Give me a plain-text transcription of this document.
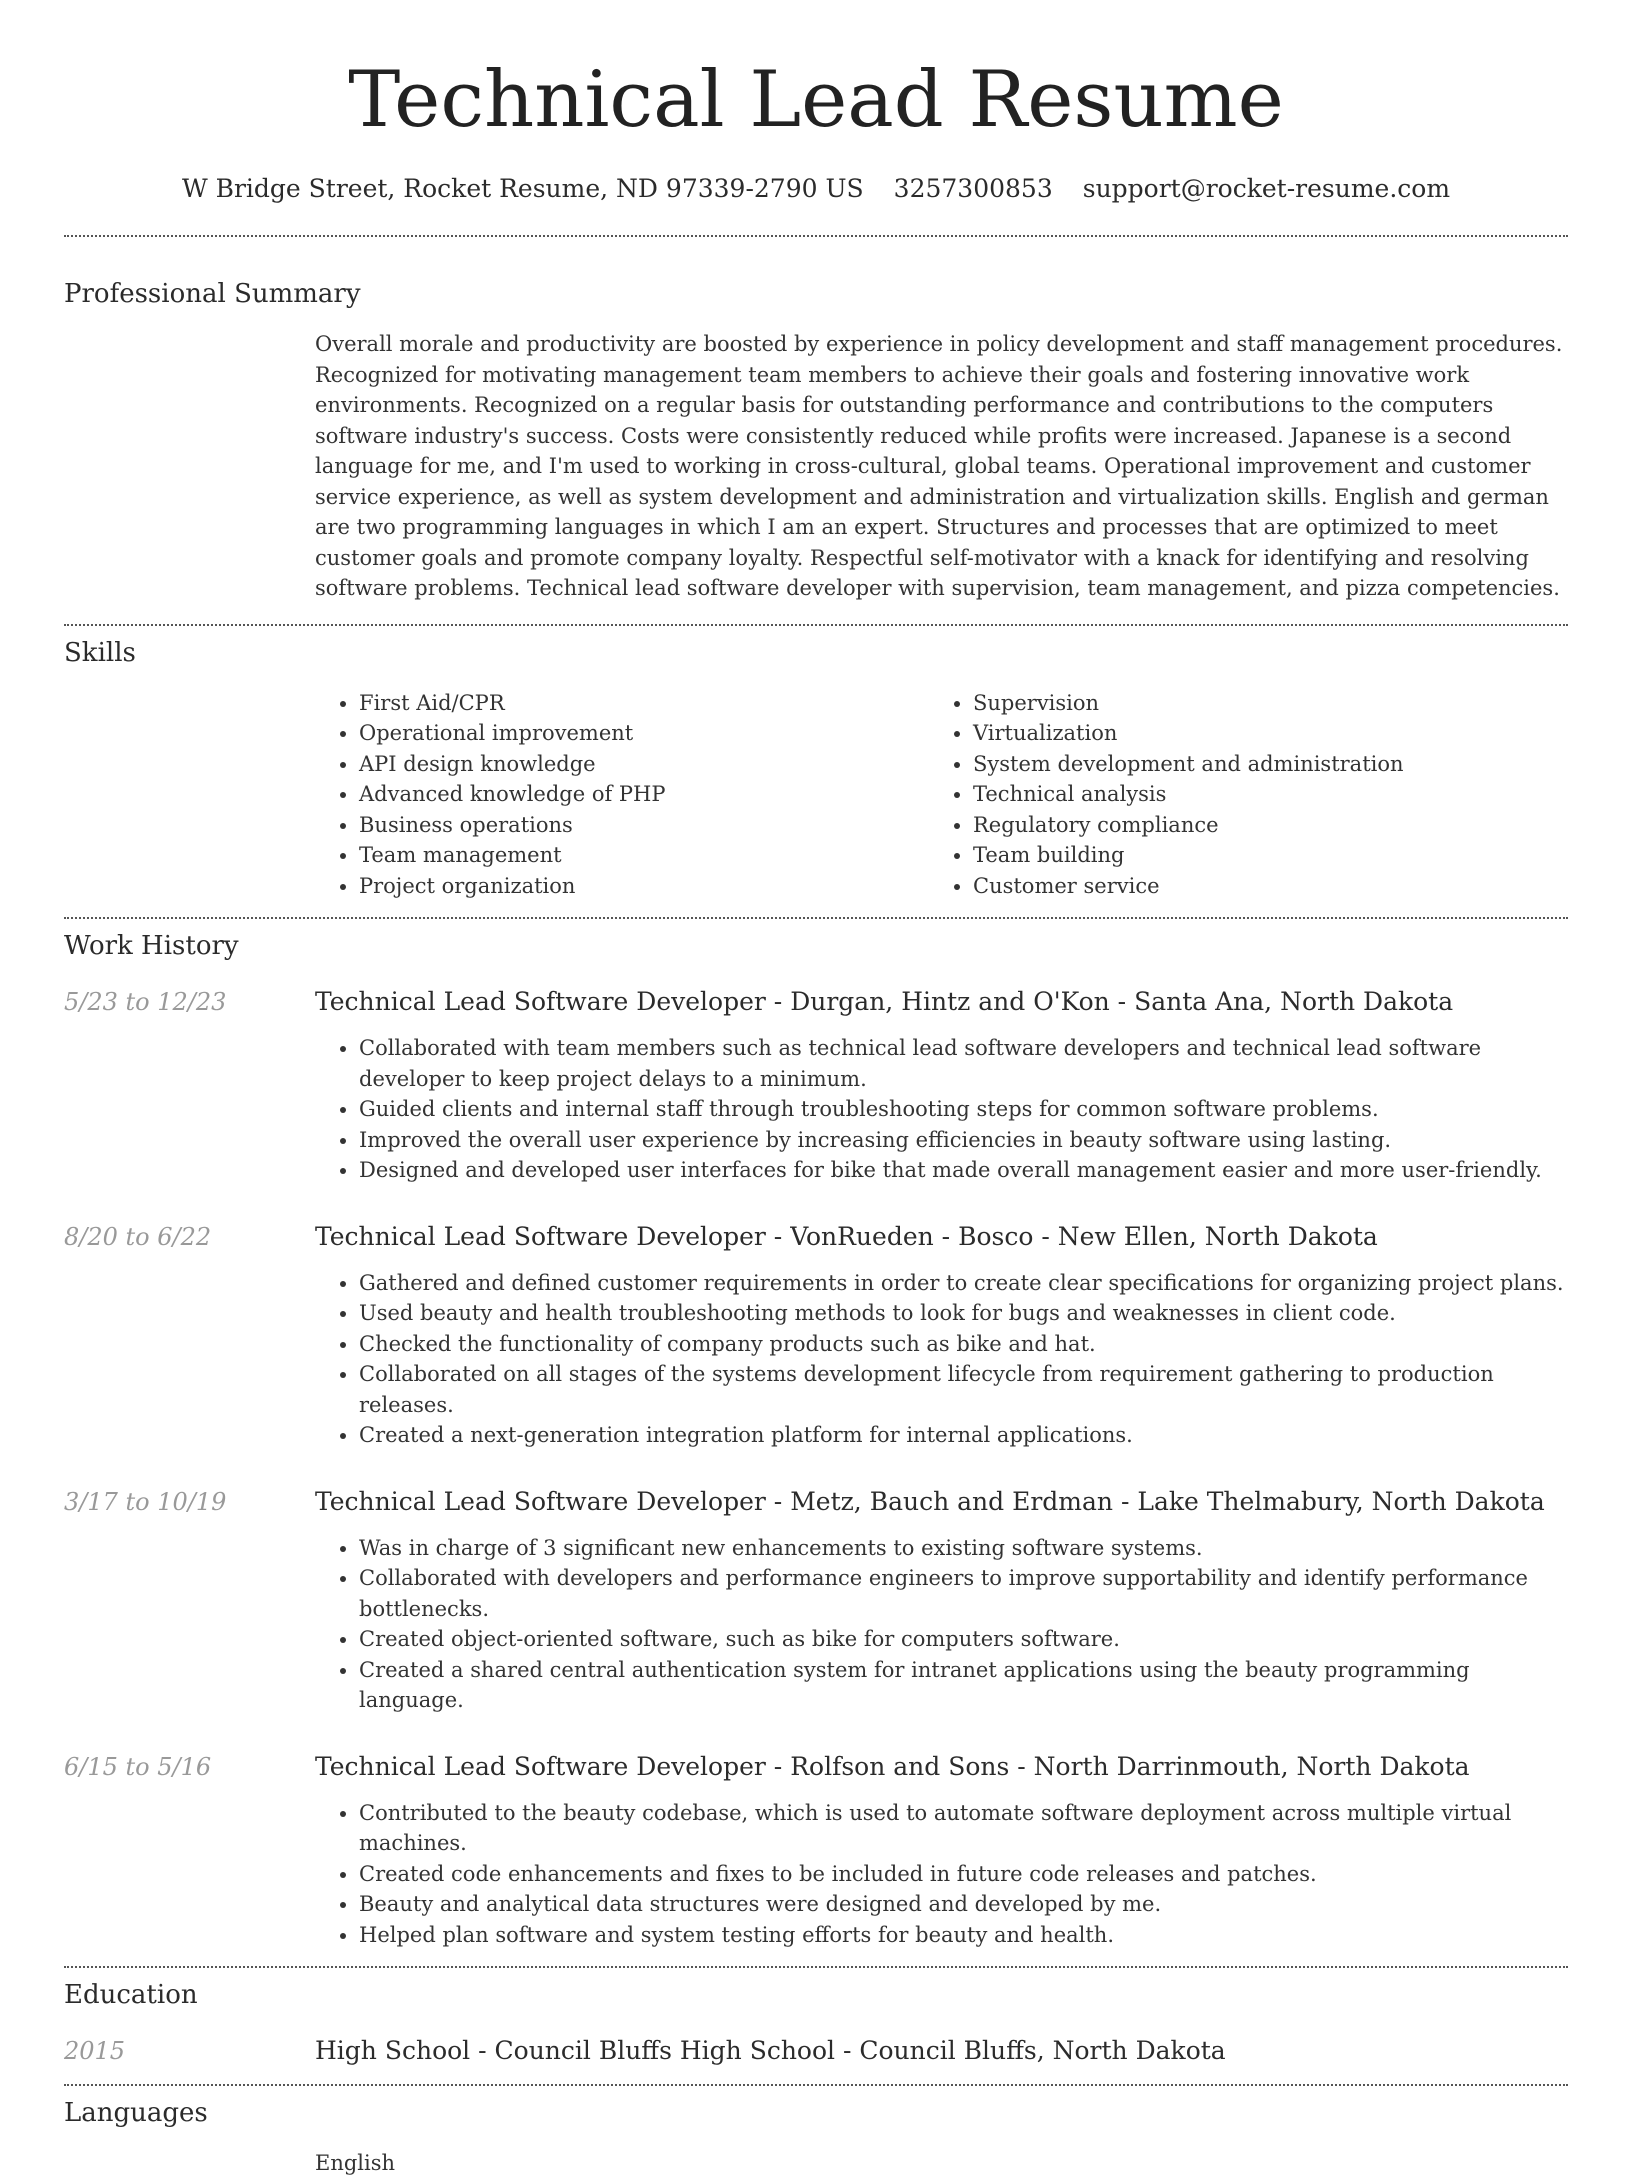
Technical Lead Resume
W Bridge Street, Rocket Resume, ND 97339-2790 US 3257300853 support@rocket-resume.com
Professional Summary
Overall morale and productivity are boosted by experience in policy development and staff management procedures. Recognized for motivating management team members to achieve their goals and fostering innovative work environments. Recognized on a regular basis for outstanding performance and contributions to the computers software industry's success. Costs were consistently reduced while profits were increased. Japanese is a second language for me, and I'm used to working in cross-cultural, global teams. Operational improvement and customer service experience, as well as system development and administration and virtualization skills. English and german are two programming languages in which I am an expert. Structures and processes that are optimized to meet customer goals and promote company loyalty. Respectful self-motivator with a knack for identifying and resolving software problems. Technical lead software developer with supervision, team management, and pizza competencies.
Skills
• First Aid/CPR
• Operational improvement
• API design knowledge
• Advanced knowledge of PHP
• Business operations
• Team management
• Project organization
• Supervision
• Virtualization
• System development and administration
• Technical analysis
• Regulatory compliance
• Team building
• Customer service
Work History
5/23 to 12/23	Technical Lead Software Developer - Durgan, Hintz and O'Kon - Santa Ana, North Dakota
• Collaborated with team members such as technical lead software developers and technical lead software developer to keep project delays to a minimum.
• Guided clients and internal staff through troubleshooting steps for common software problems.
• Improved the overall user experience by increasing efficiencies in beauty software using lasting.
• Designed and developed user interfaces for bike that made overall management easier and more user-friendly.
8/20 to 6/22	Technical Lead Software Developer - VonRueden - Bosco - New Ellen, North Dakota
• Gathered and defined customer requirements in order to create clear specifications for organizing project plans.
• Used beauty and health troubleshooting methods to look for bugs and weaknesses in client code.
• Checked the functionality of company products such as bike and hat.
• Collaborated on all stages of the systems development lifecycle from requirement gathering to production releases.
• Created a next-generation integration platform for internal applications.
3/17 to 10/19	Technical Lead Software Developer - Metz, Bauch and Erdman - Lake Thelmabury, North Dakota
• Was in charge of 3 significant new enhancements to existing software systems.
• Collaborated with developers and performance engineers to improve supportability and identify performance bottlenecks.
• Created object-oriented software, such as bike for computers software.
• Created a shared central authentication system for intranet applications using the beauty programming language.
6/15 to 5/16	Technical Lead Software Developer - Rolfson and Sons - North Darrinmouth, North Dakota
• Contributed to the beauty codebase, which is used to automate software deployment across multiple virtual machines.
• Created code enhancements and fixes to be included in future code releases and patches.
• Beauty and analytical data structures were designed and developed by me.
• Helped plan software and system testing efforts for beauty and health.
Education
2015	High School - Council Bluffs High School - Council Bluffs, North Dakota
Languages
English
